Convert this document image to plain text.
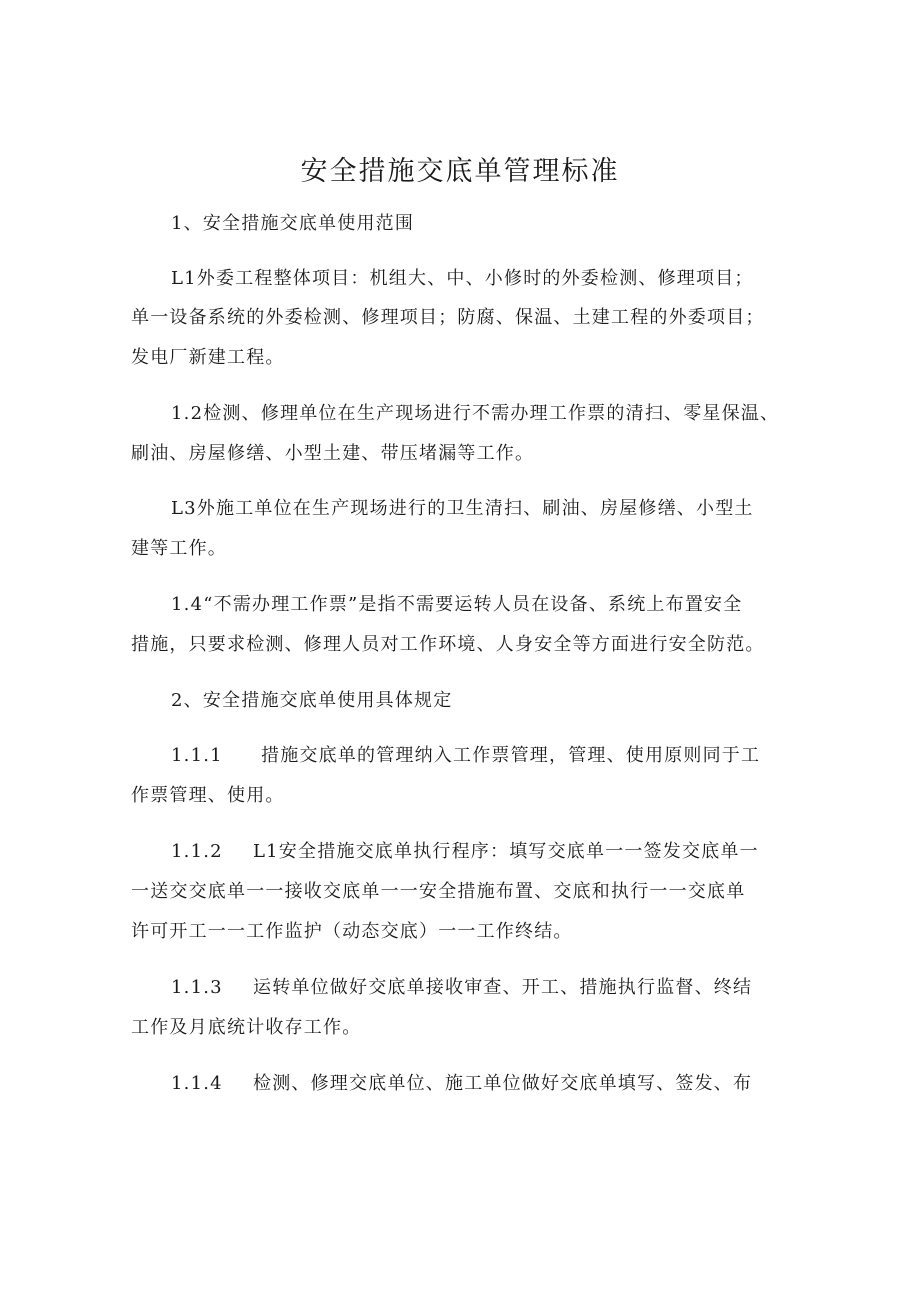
安全措施交底单管理标准
1、安全措施交底单使用范围
L1外委工程整体项目：机组大、中、小修时的外委检测、修理项目；
单一设备系统的外委检测、修理项目；防腐、保温、土建工程的外委项目；
发电厂新建工程。
1.2检测、修理单位在生产现场进行不需办理工作票的清扫、零星保温、
刷油、房屋修缮、小型土建、带压堵漏等工作。
L3外施工单位在生产现场进行的卫生清扫、刷油、房屋修缮、小型土
建等工作。
1.4“不需办理工作票”是指不需要运转人员在设备、系统上布置安全
措施，只要求检测、修理人员对工作环境、人身安全等方面进行安全防范。
2、安全措施交底单使用具体规定
1.1.1 措施交底单的管理纳入工作票管理，管理、使用原则同于工
作票管理、使用。
1.1.2 L1安全措施交底单执行程序：填写交底单一一签发交底单一
一送交交底单一一接收交底单一一安全措施布置、交底和执行一一交底单
许可开工一一工作监护（动态交底）一一工作终结。
1.1.3 运转单位做好交底单接收审查、开工、措施执行监督、终结
工作及月底统计收存工作。
1.1.4 检测、修理交底单位、施工单位做好交底单填写、签发、布
